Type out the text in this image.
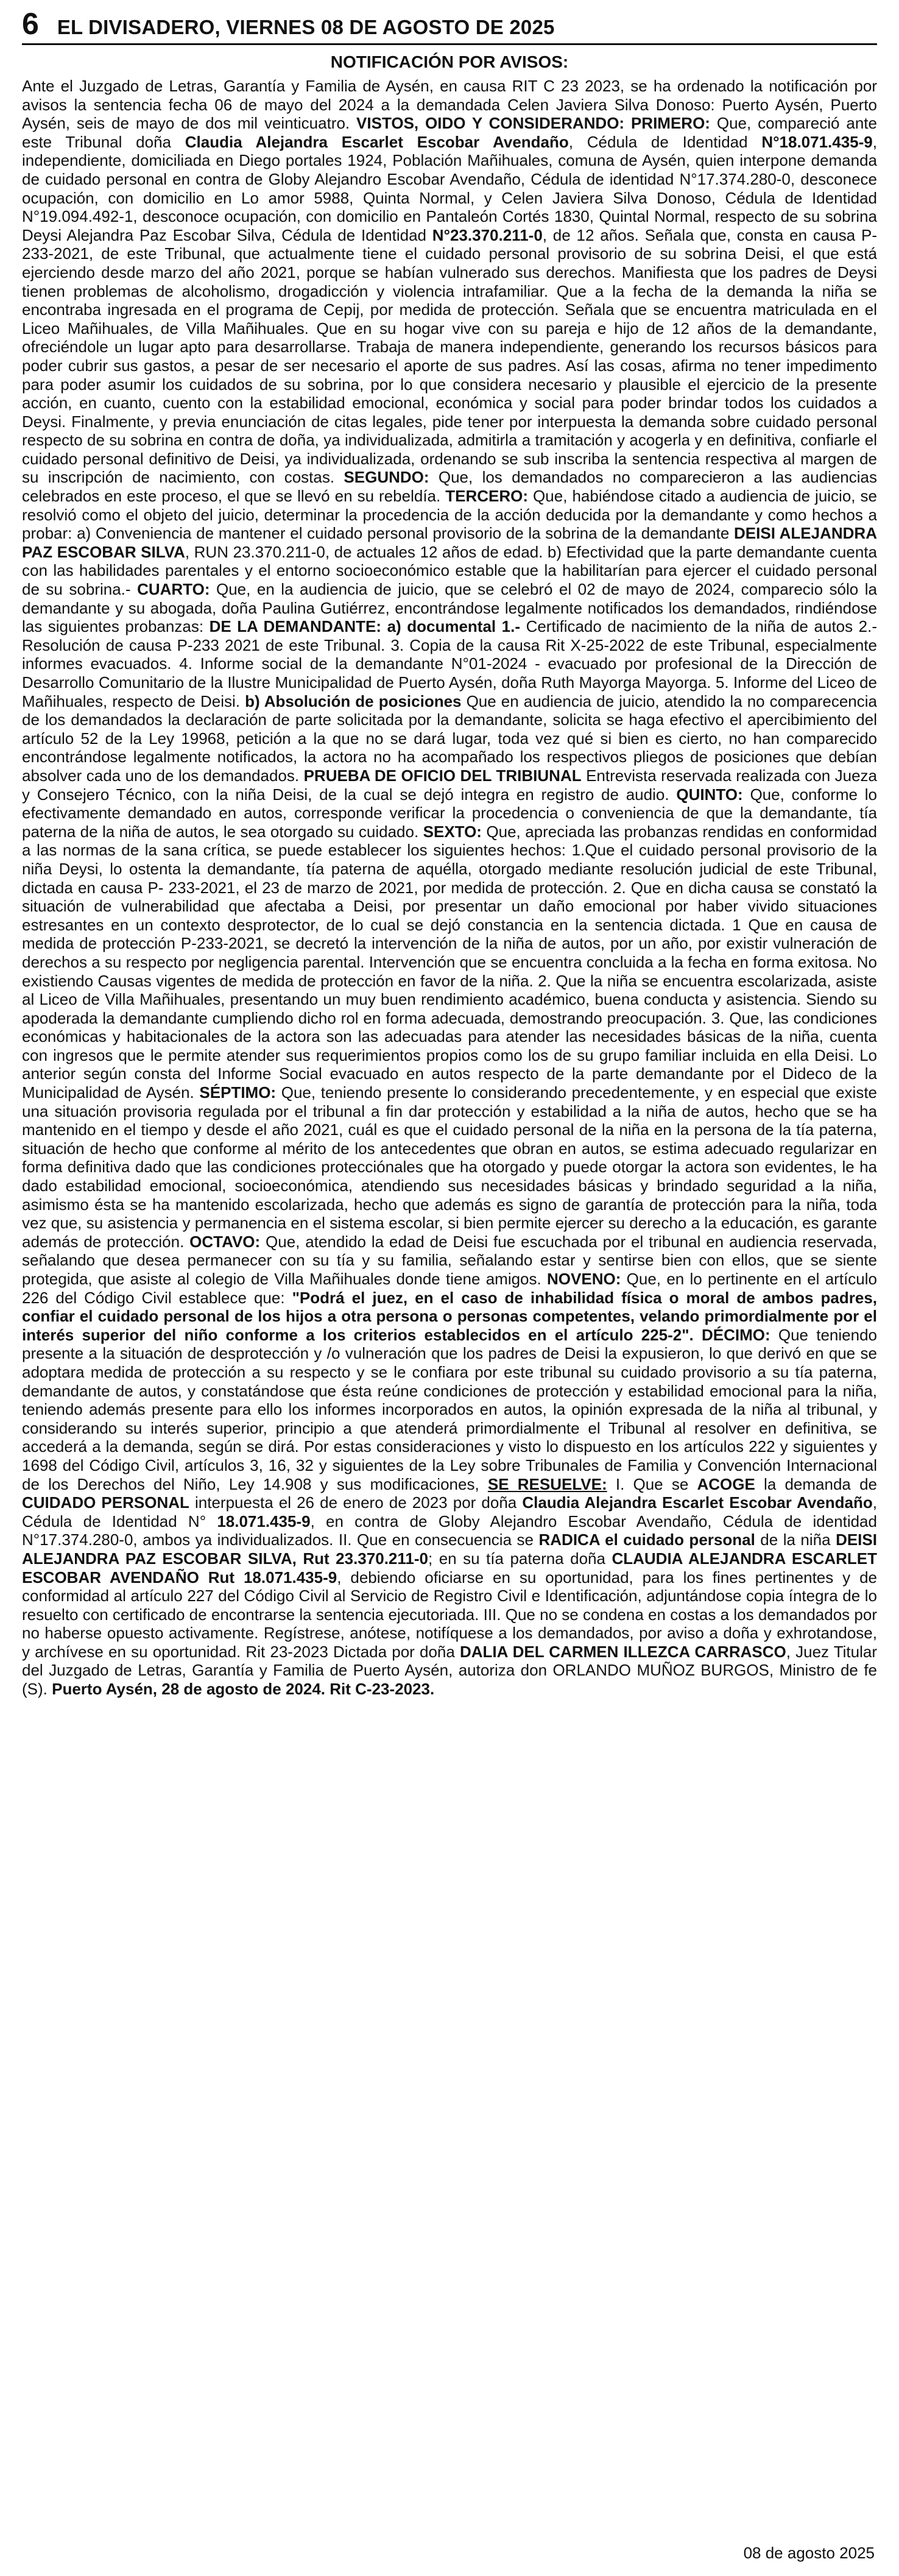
6 EL DIVISADERO, VIERNES 08 DE AGOSTO DE 2025
NOTIFICACIÓN POR AVISOS:

Ante el Juzgado de Letras, Garantía y Familia de Aysén, en causa RIT C 23 2023, se ha ordenado la notificación por avisos la sentencia fecha 06 de mayo del 2024 a la demandada Celen Javiera Silva Donoso: Puerto Aysén, Puerto Aysén, seis de mayo de dos mil veinticuatro. VISTOS, OIDO Y CONSIDERANDO: PRIMERO: Que, compareció ante este Tribunal doña Claudia Alejandra Escarlet Escobar Avendaño, Cédula de Identidad N°18.071.435-9, independiente, domiciliada en Diego portales 1924, Población Mañihuales, comuna de Aysén, quien interpone demanda de cuidado personal en contra de Globy Alejandro Escobar Avendaño, Cédula de identidad N°17.374.280-0, desconece ocupación, con domicilio en Lo amor 5988, Quinta Normal, y Celen Javiera Silva Donoso, Cédula de Identidad N°19.094.492-1, desconoce ocupación, con domicilio en Pantaleón Cortés 1830, Quintal Normal, respecto de su sobrina Deysi Alejandra Paz Escobar Silva, Cédula de Identidad N°23.370.211-0, de 12 años. Señala que, consta en causa P-233-2021, de este Tribunal, que actualmente tiene el cuidado personal provisorio de su sobrina Deisi, el que está ejerciendo desde marzo del año 2021, porque se habían vulnerado sus derechos. Manifiesta que los padres de Deysi tienen problemas de alcoholismo, drogadicción y violencia intrafamiliar. Que a la fecha de la demanda la niña se encontraba ingresada en el programa de Cepij, por medida de protección. Señala que se encuentra matriculada en el Liceo Mañihuales, de Villa Mañihuales. Que en su hogar vive con su pareja e hijo de 12 años de la demandante, ofreciéndole un lugar apto para desarrollarse. Trabaja de manera independiente, generando los recursos básicos para poder cubrir sus gastos, a pesar de ser necesario el aporte de sus padres. Así las cosas, afirma no tener impedimento para poder asumir los cuidados de su sobrina, por lo que considera necesario y plausible el ejercicio de la presente acción, en cuanto, cuento con la estabilidad emocional, económica y social para poder brindar todos los cuidados a Deysi. Finalmente, y previa enunciación de citas legales, pide tener por interpuesta la demanda sobre cuidado personal respecto de su sobrina en contra de doña, ya individualizada, admitirla a tramitación y acogerla y en definitiva, confiarle el cuidado personal definitivo de Deisi, ya individualizada, ordenando se sub inscriba la sentencia respectiva al margen de su inscripción de nacimiento, con costas. SEGUNDO: Que, los demandados no comparecieron a las audiencias celebrados en este proceso, el que se llevó en su rebeldía. TERCERO: Que, habiéndose citado a audiencia de juicio, se resolvió como el objeto del juicio, determinar la procedencia de la acción deducida por la demandante y como hechos a probar: a) Conveniencia de mantener el cuidado personal provisorio de la sobrina de la demandante DEISI ALEJANDRA PAZ ESCOBAR SILVA, RUN 23.370.211-0, de actuales 12 años de edad. b) Efectividad que la parte demandante cuenta con las habilidades parentales y el entorno socioeconómico estable que la habilitarían para ejercer el cuidado personal de su sobrina.- CUARTO: Que, en la audiencia de juicio, que se celebró el 02 de mayo de 2024, comparecio sólo la demandante y su abogada, doña Paulina Gutiérrez, encontrándose legalmente notificados los demandados, rindiéndose las siguientes probanzas: DE LA DEMANDANTE: a) documental 1.- Certificado de nacimiento de la niña de autos 2.- Resolución de causa P-233 2021 de este Tribunal. 3. Copia de la causa Rit X-25-2022 de este Tribunal, especialmente informes evacuados. 4. Informe social de la demandante N°01-2024 - evacuado por profesional de la Dirección de Desarrollo Comunitario de la Ilustre Municipalidad de Puerto Aysén, doña Ruth Mayorga Mayorga. 5. Informe del Liceo de Mañihuales, respecto de Deisi. b) Absolución de posiciones Que en audiencia de juicio, atendido la no comparecencia de los demandados la declaración de parte solicitada por la demandante, solicita se haga efectivo el apercibimiento del artículo 52 de la Ley 19968, petición a la que no se dará lugar, toda vez qué si bien es cierto, no han comparecido encontrándose legalmente notificados, la actora no ha acompañado los respectivos pliegos de posiciones que debían absolver cada uno de los demandados. PRUEBA DE OFICIO DEL TRIBIUNAL Entrevista reservada realizada con Jueza y Consejero Técnico, con la niña Deisi, de la cual se dejó integra en registro de audio. QUINTO: Que, conforme lo efectivamente demandado en autos, corresponde verificar la procedencia o conveniencia de que la demandante, tía paterna de la niña de autos, le sea otorgado su cuidado. SEXTO: Que, apreciada las probanzas rendidas en conformidad a las normas de la sana crítica, se puede establecer los siguientes hechos: 1.Que el cuidado personal provisorio de la niña Deysi, lo ostenta la demandante, tía paterna de aquélla, otorgado mediante resolución judicial de este Tribunal, dictada en causa P- 233-2021, el 23 de marzo de 2021, por medida de protección. 2. Que en dicha causa se constató la situación de vulnerabilidad que afectaba a Deisi, por presentar un daño emocional por haber vivido situaciones estresantes en un contexto desprotector, de lo cual se dejó constancia en la sentencia dictada. 1 Que en causa de medida de protección P-233-2021, se decretó la intervención de la niña de autos, por un año, por existir vulneración de derechos a su respecto por negligencia parental. Intervención que se encuentra concluida a la fecha en forma exitosa. No existiendo Causas vigentes de medida de protección en favor de la niña. 2. Que la niña se encuentra escolarizada, asiste al Liceo de Villa Mañihuales, presentando un muy buen rendimiento académico, buena conducta y asistencia. Siendo su apoderada la demandante cumpliendo dicho rol en forma adecuada, demostrando preocupación. 3. Que, las condiciones económicas y habitacionales de la actora son las adecuadas para atender las necesidades básicas de la niña, cuenta con ingresos que le permite atender sus requerimientos propios como los de su grupo familiar incluida en ella Deisi. Lo anterior según consta del Informe Social evacuado en autos respecto de la parte demandante por el Dideco de la Municipalidad de Aysén. SÉPTIMO: Que, teniendo presente lo considerando precedentemente, y en especial que existe una situación provisoria regulada por el tribunal a fin dar protección y estabilidad a la niña de autos, hecho que se ha mantenido en el tiempo y desde el año 2021, cuál es que el cuidado personal de la niña en la persona de la tía paterna, situación de hecho que conforme al mérito de los antecedentes que obran en autos, se estima adecuado regularizar en forma definitiva dado que las condiciones protecciónales que ha otorgado y puede otorgar la actora son evidentes, le ha dado estabilidad emocional, socioeconómica, atendiendo sus necesidades básicas y brindado seguridad a la niña, asimismo ésta se ha mantenido escolarizada, hecho que además es signo de garantía de protección para la niña, toda vez que, su asistencia y permanencia en el sistema escolar, si bien permite ejercer su derecho a la educación, es garante además de protección. OCTAVO: Que, atendido la edad de Deisi fue escuchada por el tribunal en audiencia reservada, señalando que desea permanecer con su tía y su familia, señalando estar y sentirse bien con ellos, que se siente protegida, que asiste al colegio de Villa Mañihuales donde tiene amigos. NOVENO: Que, en lo pertinente en el artículo 226 del Código Civil establece que: "Podrá el juez, en el caso de inhabilidad física o moral de ambos padres, confiar el cuidado personal de los hijos a otra persona o personas competentes, velando primordialmente por el interés superior del niño conforme a los criterios establecidos en el artículo 225-2". DÉCIMO: Que teniendo presente a la situación de desprotección y /o vulneración que los padres de Deisi la expusieron, lo que derivó en que se adoptara medida de protección a su respecto y se le confiara por este tribunal su cuidado provisorio a su tía paterna, demandante de autos, y constatándose que ésta reúne condiciones de protección y estabilidad emocional para la niña, teniendo además presente para ello los informes incorporados en autos, la opinión expresada de la niña al tribunal, y considerando su interés superior, principio a que atenderá primordialmente el Tribunal al resolver en definitiva, se accederá a la demanda, según se dirá. Por estas consideraciones y visto lo dispuesto en los artículos 222 y siguientes y 1698 del Código Civil, artículos 3, 16, 32 y siguientes de la Ley sobre Tribunales de Familia y Convención Internacional de los Derechos del Niño, Ley 14.908 y sus modificaciones, SE RESUELVE: I. Que se ACOGE la demanda de CUIDADO PERSONAL interpuesta el 26 de enero de 2023 por doña Claudia Alejandra Escarlet Escobar Avendaño, Cédula de Identidad N° 18.071.435-9, en contra de Globy Alejandro Escobar Avendaño, Cédula de identidad N°17.374.280-0, ambos ya individualizados. II. Que en consecuencia se RADICA el cuidado personal de la niña DEISI ALEJANDRA PAZ ESCOBAR SILVA, Rut 23.370.211-0; en su tía paterna doña CLAUDIA ALEJANDRA ESCARLET ESCOBAR AVENDAÑO Rut 18.071.435-9, debiendo oficiarse en su oportunidad, para los fines pertinentes y de conformidad al artículo 227 del Código Civil al Servicio de Registro Civil e Identificación, adjuntándose copia íntegra de lo resuelto con certificado de encontrarse la sentencia ejecutoriada. III. Que no se condena en costas a los demandados por no haberse opuesto activamente. Regístrese, anótese, notifíquese a los demandados, por aviso a doña y exhrotandose, y archívese en su oportunidad. Rit 23-2023 Dictada por doña DALIA DEL CARMEN ILLEZCA CARRASCO, Juez Titular del Juzgado de Letras, Garantía y Familia de Puerto Aysén, autoriza don ORLANDO MUÑOZ BURGOS, Ministro de fe (S). Puerto Aysén, 28 de agosto de 2024. Rit C-23-2023.

08 de agosto 2025
